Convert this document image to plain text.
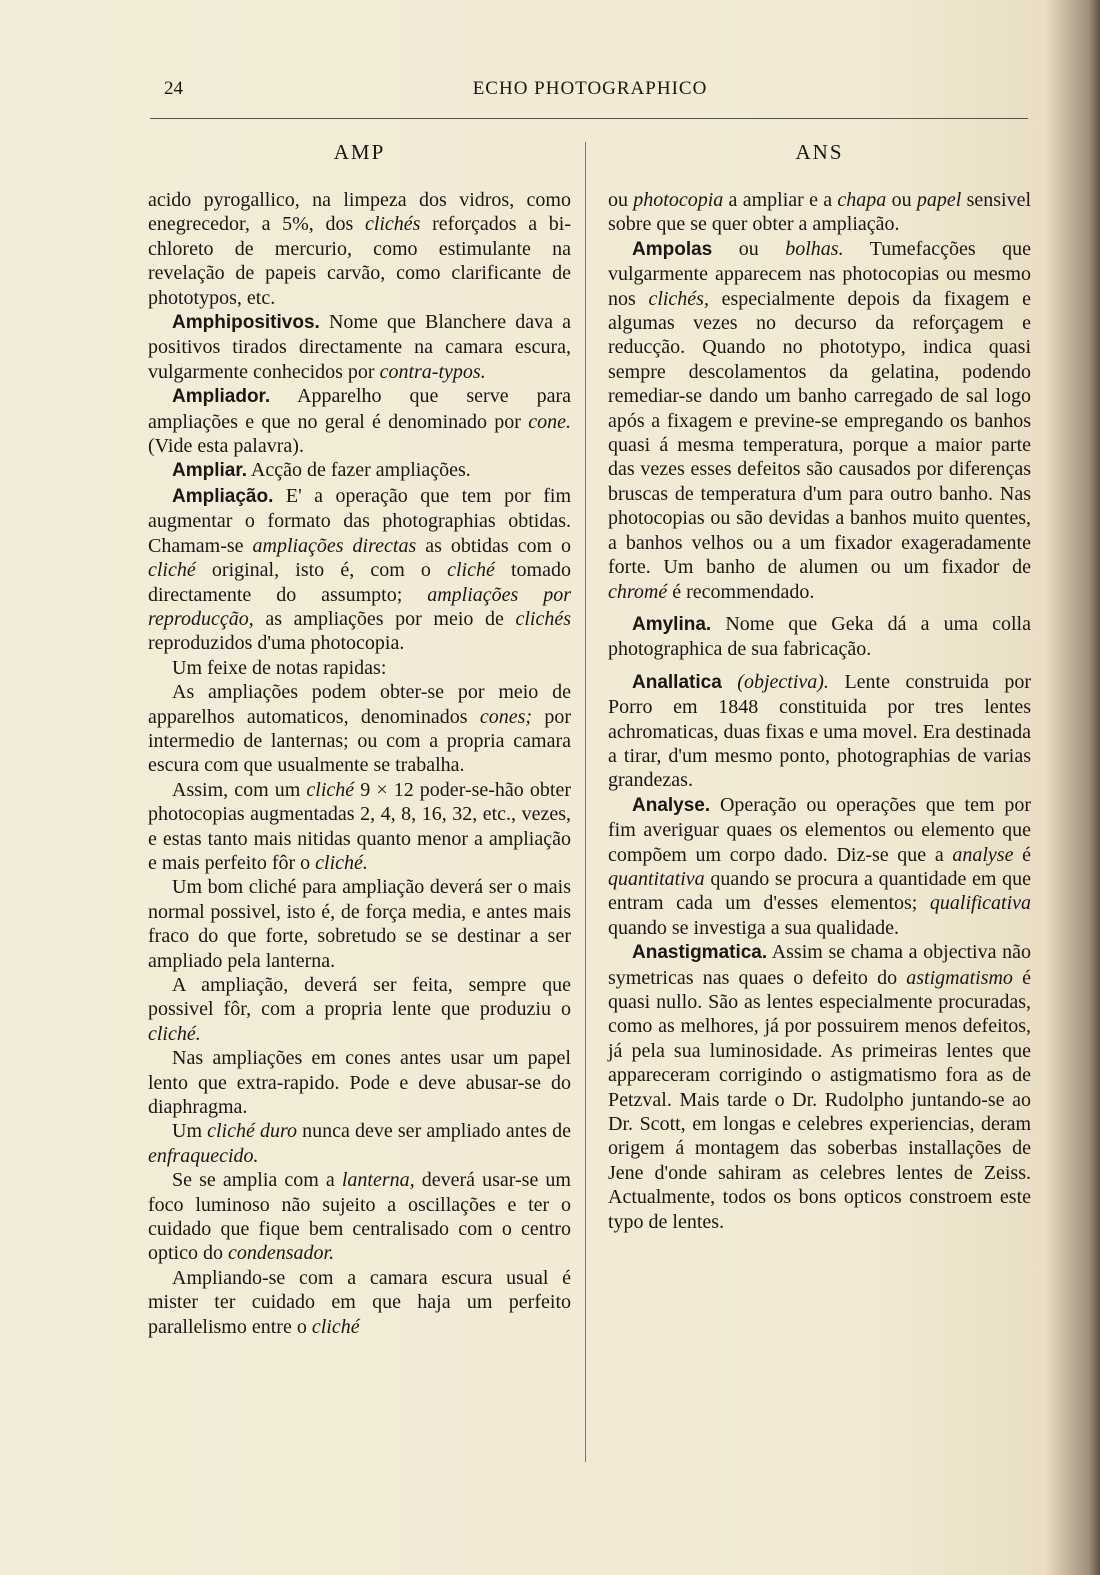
24	ECHO PHOTOGRAPHICO
AMP	ANS

acido pyrogallico, na limpeza dos vidros, como enegrecedor, a 5%, dos clichés reforçados a bi-chloreto de mercurio, como estimulante na revelação de papeis carvão, como clarificante de phototypos, etc.

Amphipositivos. Nome que Blanchere dava a positivos tirados directamente na camara escura, vulgarmente conhecidos por contra-typos.

Ampliador. Apparelho que serve para ampliações e que no geral é denominado por cone. (Vide esta palavra).

Ampliar. Acção de fazer ampliações.

Ampliação. E' a operação que tem por fim augmentar o formato das photographias obtidas. Chamam-se ampliações directas as obtidas com o cliché original, isto é, com o cliché tomado directamente do assumpto; ampliações por reproducção, as ampliações por meio de clichés reproduzidos d'uma photocopia.

Um feixe de notas rapidas:

As ampliações podem obter-se por meio de apparelhos automaticos, denominados cones; por intermedio de lanternas; ou com a propria camara escura com que usualmente se trabalha.

Assim, com um cliché 9 × 12 poder-se-hão obter photocopias augmentadas 2, 4, 8, 16, 32, etc., vezes, e estas tanto mais nitidas quanto menor a ampliação e mais perfeito fôr o cliché.

Um bom cliché para ampliação deverá ser o mais normal possivel, isto é, de força media, e antes mais fraco do que forte, sobretudo se se destinar a ser ampliado pela lanterna.

A ampliação, deverá ser feita, sempre que possivel fôr, com a propria lente que produziu o cliché.

Nas ampliações em cones antes usar um papel lento que extra-rapido. Pode e deve abusar-se do diaphragma.

Um cliché duro nunca deve ser ampliado antes de enfraquecido.

Se se amplia com a lanterna, deverá usar-se um foco luminoso não sujeito a oscillações e ter o cuidado que fique bem centralisado com o centro optico do condensador.

Ampliando-se com a camara escura usual é mister ter cuidado em que haja um perfeito parallelismo entre o cliché

ou photocopia a ampliar e a chapa ou papel sensivel sobre que se quer obter a ampliação.

Ampolas ou bolhas. Tumefacções que vulgarmente apparecem nas photocopias ou mesmo nos clichés, especialmente depois da fixagem e algumas vezes no decurso da reforçagem e reducção. Quando no phototypo, indica quasi sempre descolamentos da gelatina, podendo remediar-se dando um banho carregado de sal logo após a fixagem e previne-se empregando os banhos quasi á mesma temperatura, porque a maior parte das vezes esses defeitos são causados por diferenças bruscas de temperatura d'um para outro banho. Nas photocopias ou são devidas a banhos muito quentes, a banhos velhos ou a um fixador exageradamente forte. Um banho de alumen ou um fixador de chromé é recommendado.

Amylina. Nome que Geka dá a uma colla photographica de sua fabricação.

Anallatica (objectiva). Lente construida por Porro em 1848 constituida por tres lentes achromaticas, duas fixas e uma movel. Era destinada a tirar, d'um mesmo ponto, photographias de varias grandezas.

Analyse. Operação ou operações que tem por fim averiguar quaes os elementos ou elemento que compõem um corpo dado. Diz-se que a analyse é quantitativa quando se procura a quantidade em que entram cada um d'esses elementos; qualificativa quando se investiga a sua qualidade.

Anastigmatica. Assim se chama a objectiva não symetricas nas quaes o defeito do astigmatismo é quasi nullo. São as lentes especialmente procuradas, como as melhores, já por possuirem menos defeitos, já pela sua luminosidade. As primeiras lentes que appareceram corrigindo o astigmatismo fora as de Petzval. Mais tarde o Dr. Rudolpho juntando-se ao Dr. Scott, em longas e celebres experiencias, deram origem á montagem das soberbas installações de Jene d'onde sahiram as celebres lentes de Zeiss. Actualmente, todos os bons opticos constroem este typo de lentes.
